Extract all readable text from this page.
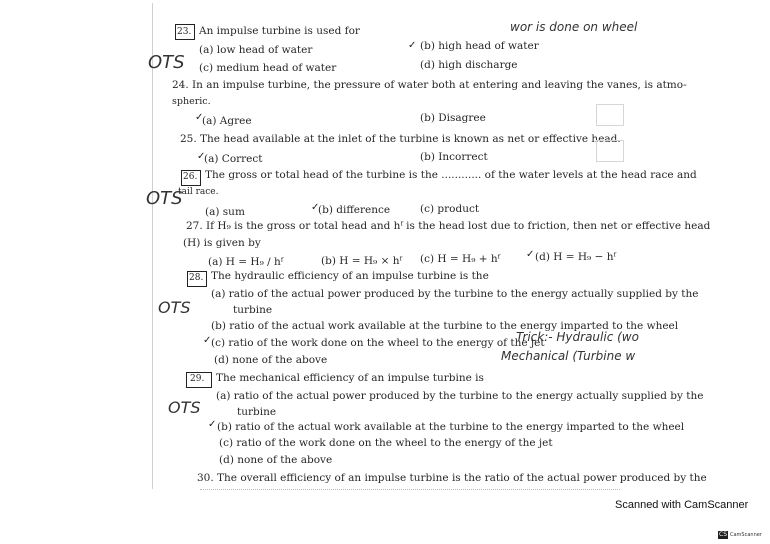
23. An impulse turbine is used for	wor is done on wheel
(a) low head of water	✓ (b) high head of water
OTS (c) medium head of water	(d) high discharge
24. In an impulse turbine, the pressure of water both at entering and leaving the vanes, is atmo-
spheric.
✓
(a) Agree	(b) Disagree
25. The head available at the inlet of the turbine is known as net or effective head.
✓
(a) Correct	(b) Incorrect
26. The gross or total head of the turbine is the ............ of the water levels at the head race and
tail race.
OTS
(a) sum	✓
(b) difference	(c) product
27. If H₉ is the gross or total head and hᶠ is the head lost due to friction, then net or effective head
(H) is given by
(a) H = H₉ / hᶠ	(b) H = H₉ × hᶠ (c) H = H₉ + hᶠ	✓ (d) H = H₉ − hᶠ
28. The hydraulic efficiency of an impulse turbine is the
(a) ratio of the actual power produced by the turbine to the energy actually supplied by the
OTS	turbine
(b) ratio of the actual work available at the turbine to the energy imparted to the wheel
✓ (c) ratio of the work done on the wheel to the energy of the jet
Trick:- Hydraulic (wo
Mechanical (Turbine w
(d) none of the above
29. The mechanical efficiency of an impulse turbine is
(a) ratio of the actual power produced by the turbine to the energy actually supplied by the
OTS	turbine
✓ (b) ratio of the actual work available at the turbine to the energy imparted to the wheel
(c) ratio of the work done on the wheel to the energy of the jet
(d) none of the above
30. The overall efficiency of an impulse turbine is the ratio of the actual power produced by the
Scanned with CamScanner
CS CamScanner
